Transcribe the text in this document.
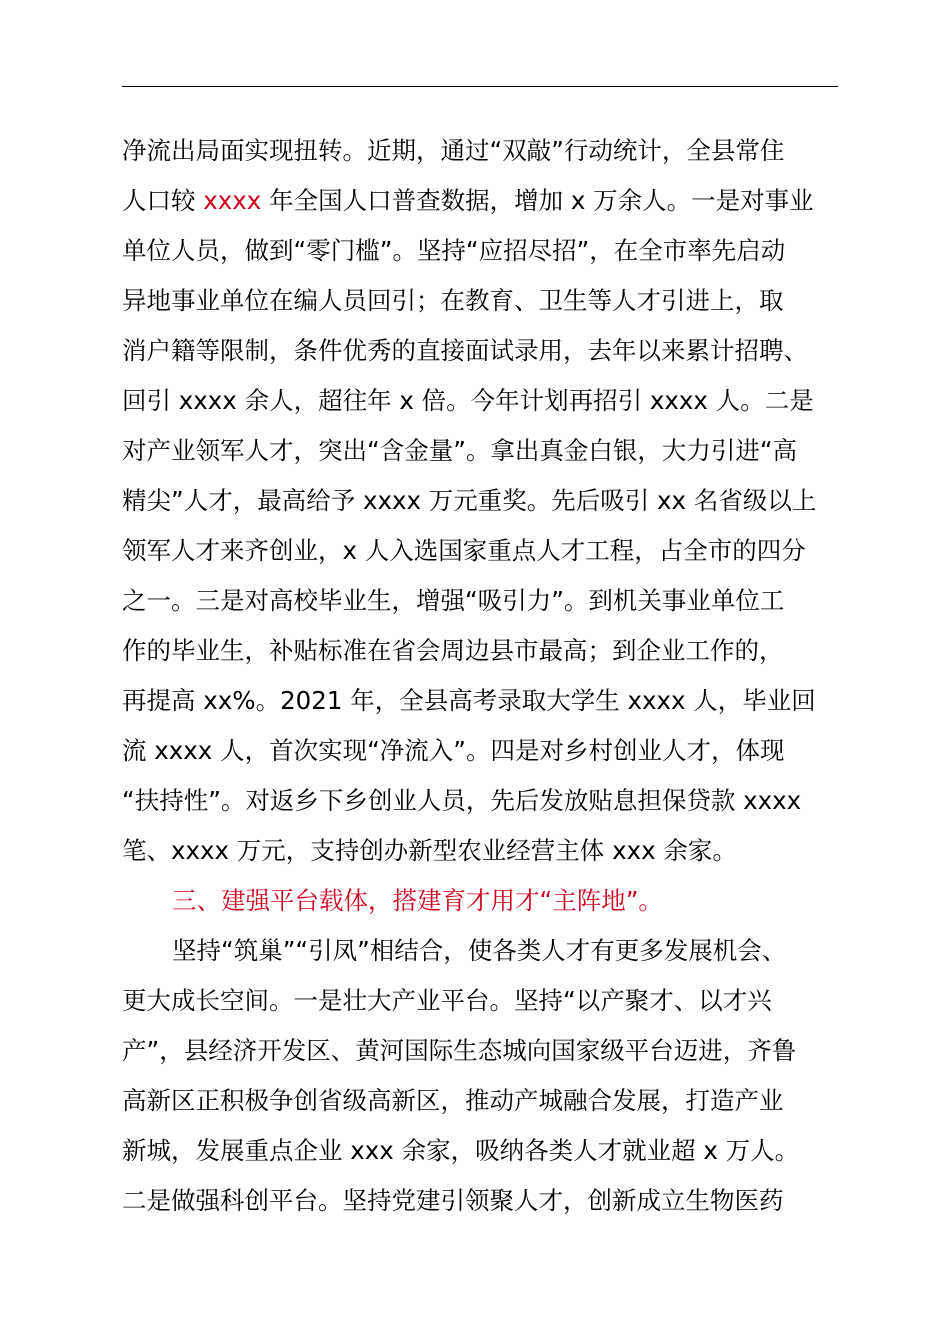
净流出局面实现扭转。近期，通过“双敲”行动统计，全县常住
人口较 xxxx 年全国人口普查数据，增加 x 万余人。一是对事业
单位人员，做到“零门槛”。坚持“应招尽招”，在全市率先启动
异地事业单位在编人员回引；在教育、卫生等人才引进上，取
消户籍等限制，条件优秀的直接面试录用，去年以来累计招聘、
回引 xxxx 余人，超往年 x 倍。今年计划再招引 xxxx 人。二是
对产业领军人才，突出“含金量”。拿出真金白银，大力引进“高
精尖”人才，最高给予 xxxx 万元重奖。先后吸引 xx 名省级以上
领军人才来齐创业，x 人入选国家重点人才工程，占全市的四分
之一。三是对高校毕业生，增强“吸引力”。到机关事业单位工
作的毕业生，补贴标准在省会周边县市最高；到企业工作的，
再提高 xx%。2021 年，全县高考录取大学生 xxxx 人，毕业回
流 xxxx 人，首次实现“净流入”。四是对乡村创业人才，体现
“扶持性”。对返乡下乡创业人员，先后发放贴息担保贷款 xxxx
笔、xxxx 万元，支持创办新型农业经营主体 xxx 余家。
三、建强平台载体，搭建育才用才“主阵地”。
坚持“筑巢”“引凤”相结合，使各类人才有更多发展机会、
更大成长空间。一是壮大产业平台。坚持“以产聚才、以才兴
产”，县经济开发区、黄河国际生态城向国家级平台迈进，齐鲁
高新区正积极争创省级高新区，推动产城融合发展，打造产业
新城，发展重点企业 xxx 余家，吸纳各类人才就业超 x 万人。
二是做强科创平台。坚持党建引领聚人才，创新成立生物医药
